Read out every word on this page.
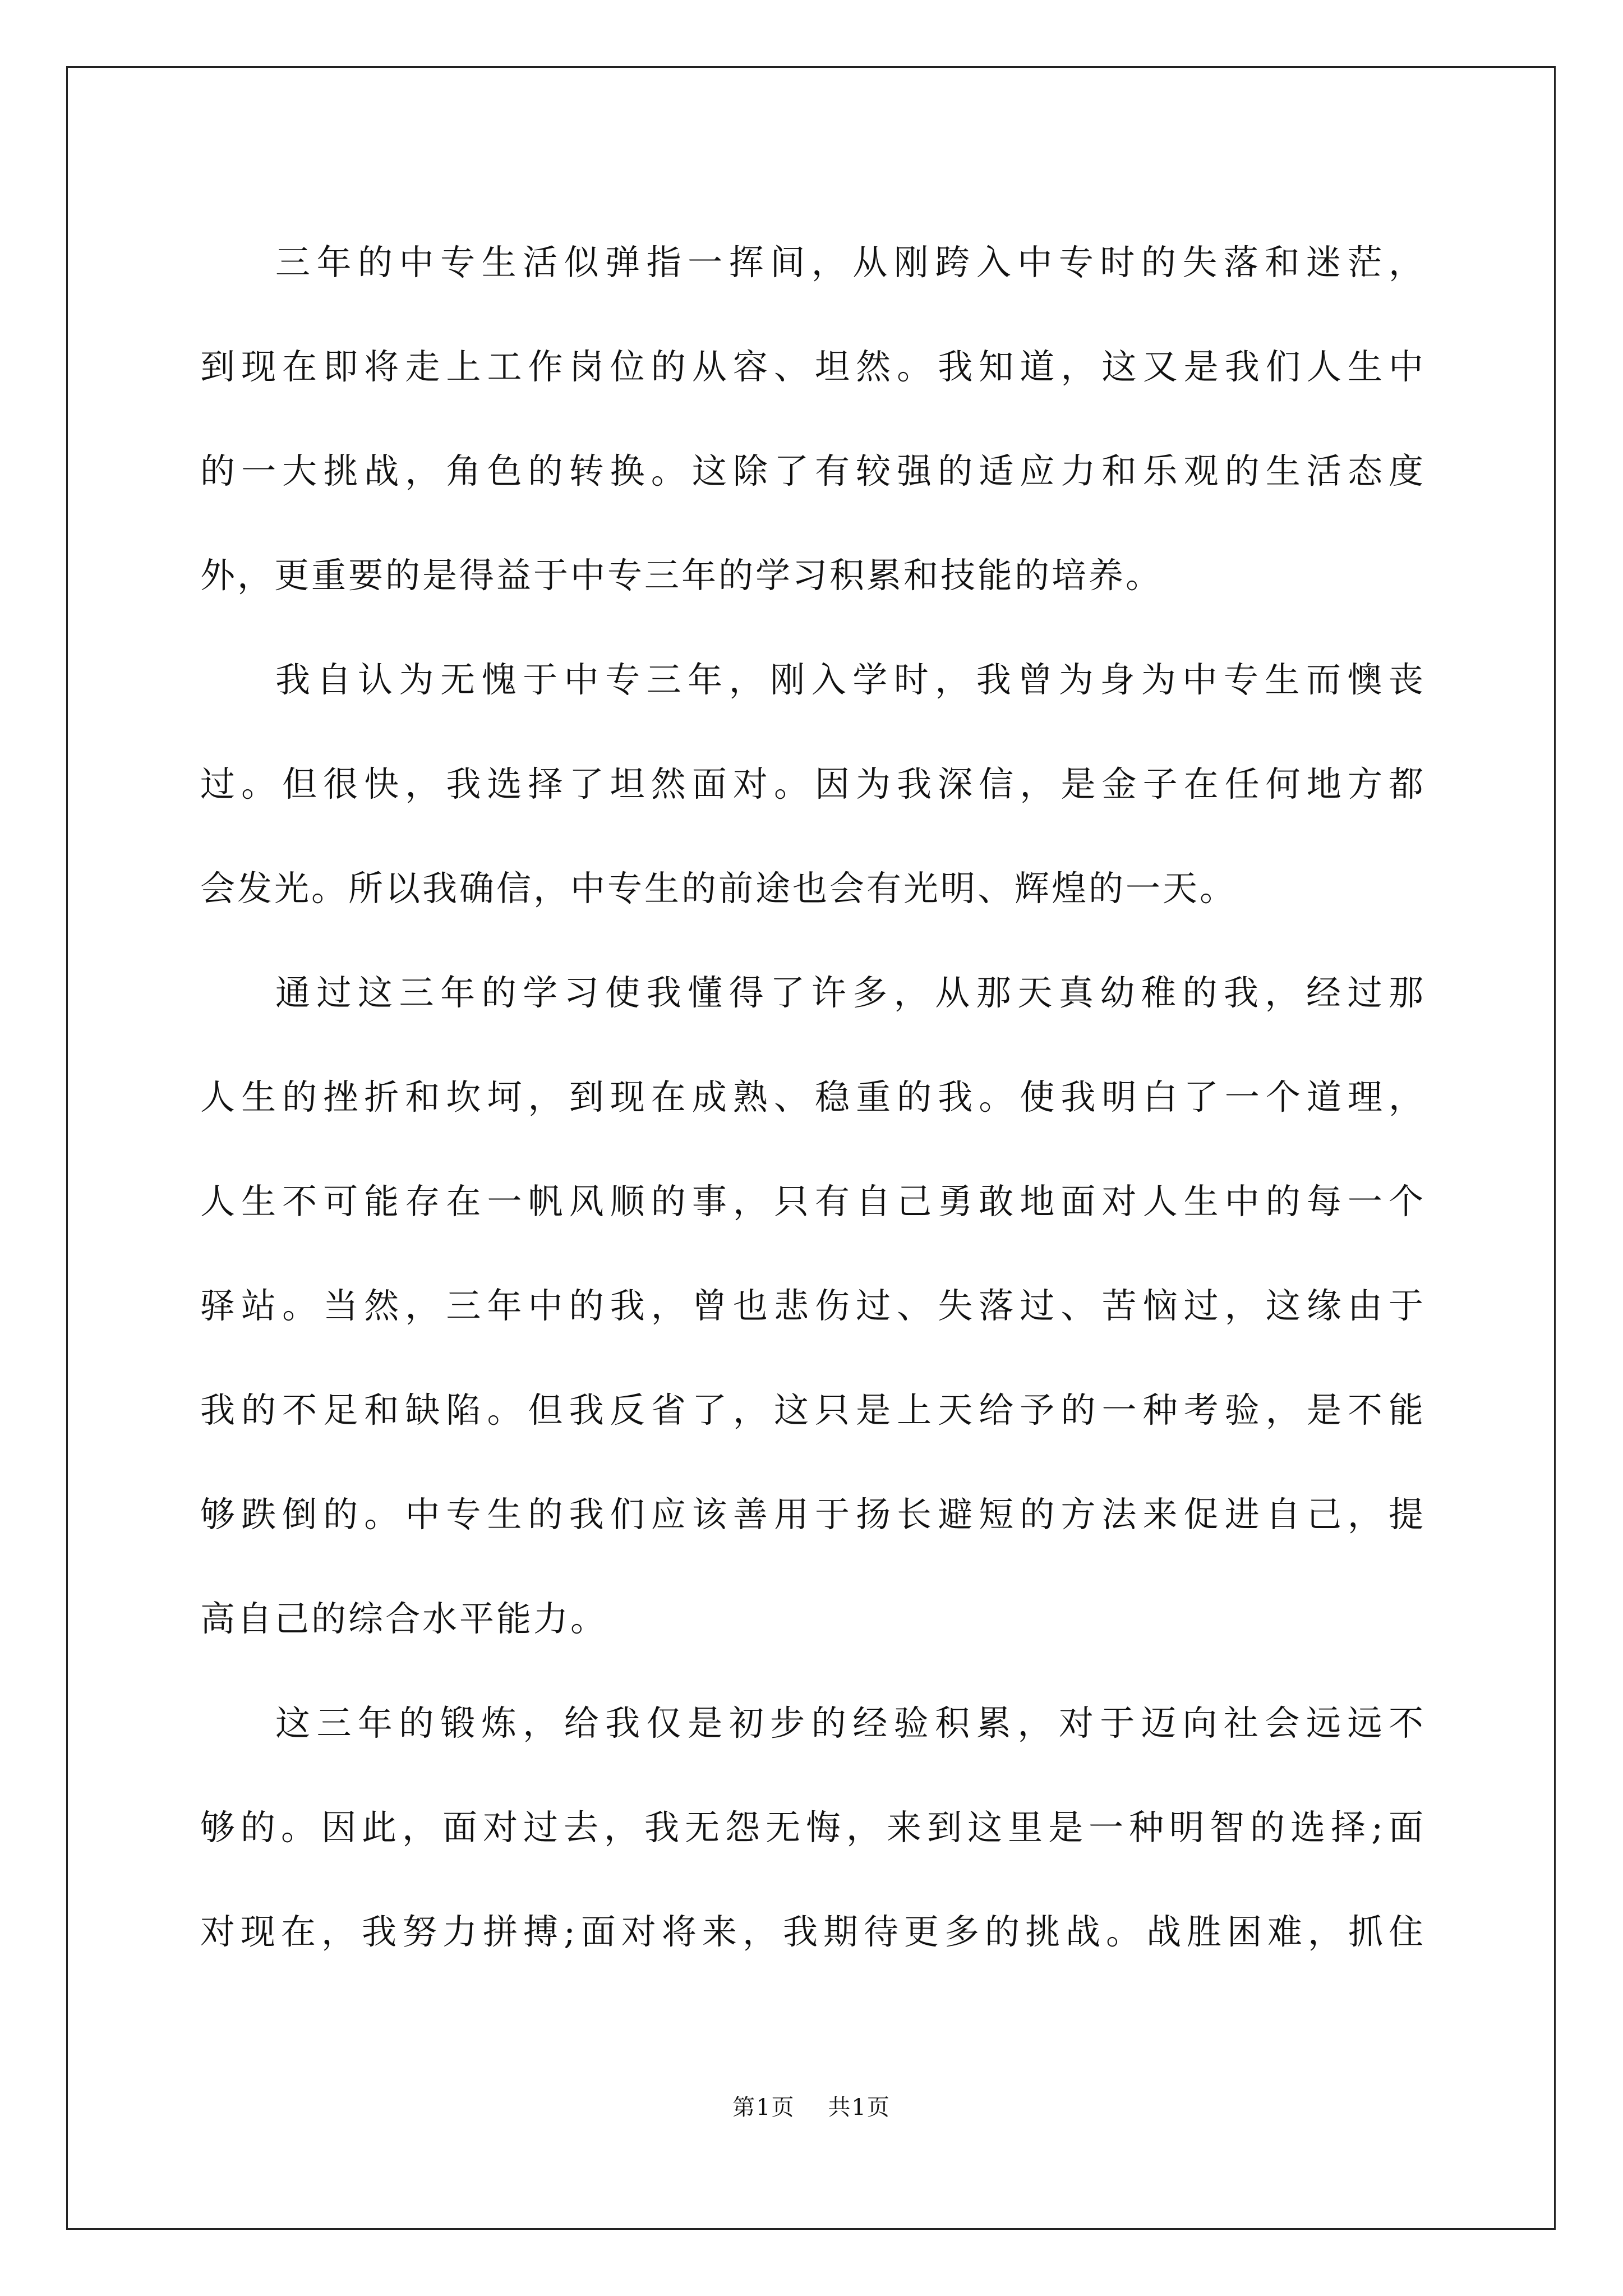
三年的中专生活似弹指一挥间，从刚跨入中专时的失落和迷茫，
到现在即将走上工作岗位的从容、坦然。我知道，这又是我们人生中
的一大挑战，角色的转换。这除了有较强的适应力和乐观的生活态度
外，更重要的是得益于中专三年的学习积累和技能的培养。
我自认为无愧于中专三年，刚入学时，我曾为身为中专生而懊丧
过。但很快，我选择了坦然面对。因为我深信，是金子在任何地方都
会发光。所以我确信，中专生的前途也会有光明、辉煌的一天。
通过这三年的学习使我懂得了许多，从那天真幼稚的我，经过那
人生的挫折和坎坷，到现在成熟、稳重的我。使我明白了一个道理，
人生不可能存在一帆风顺的事，只有自己勇敢地面对人生中的每一个
驿站。当然，三年中的我，曾也悲伤过、失落过、苦恼过，这缘由于
我的不足和缺陷。但我反省了，这只是上天给予的一种考验，是不能
够跌倒的。中专生的我们应该善用于扬长避短的方法来促进自己，提
高自己的综合水平能力。
这三年的锻炼，给我仅是初步的经验积累，对于迈向社会远远不
够的。因此，面对过去，我无怨无悔，来到这里是一种明智的选择;面
对现在，我努力拼搏;面对将来，我期待更多的挑战。战胜困难，抓住
第1页    共1页
